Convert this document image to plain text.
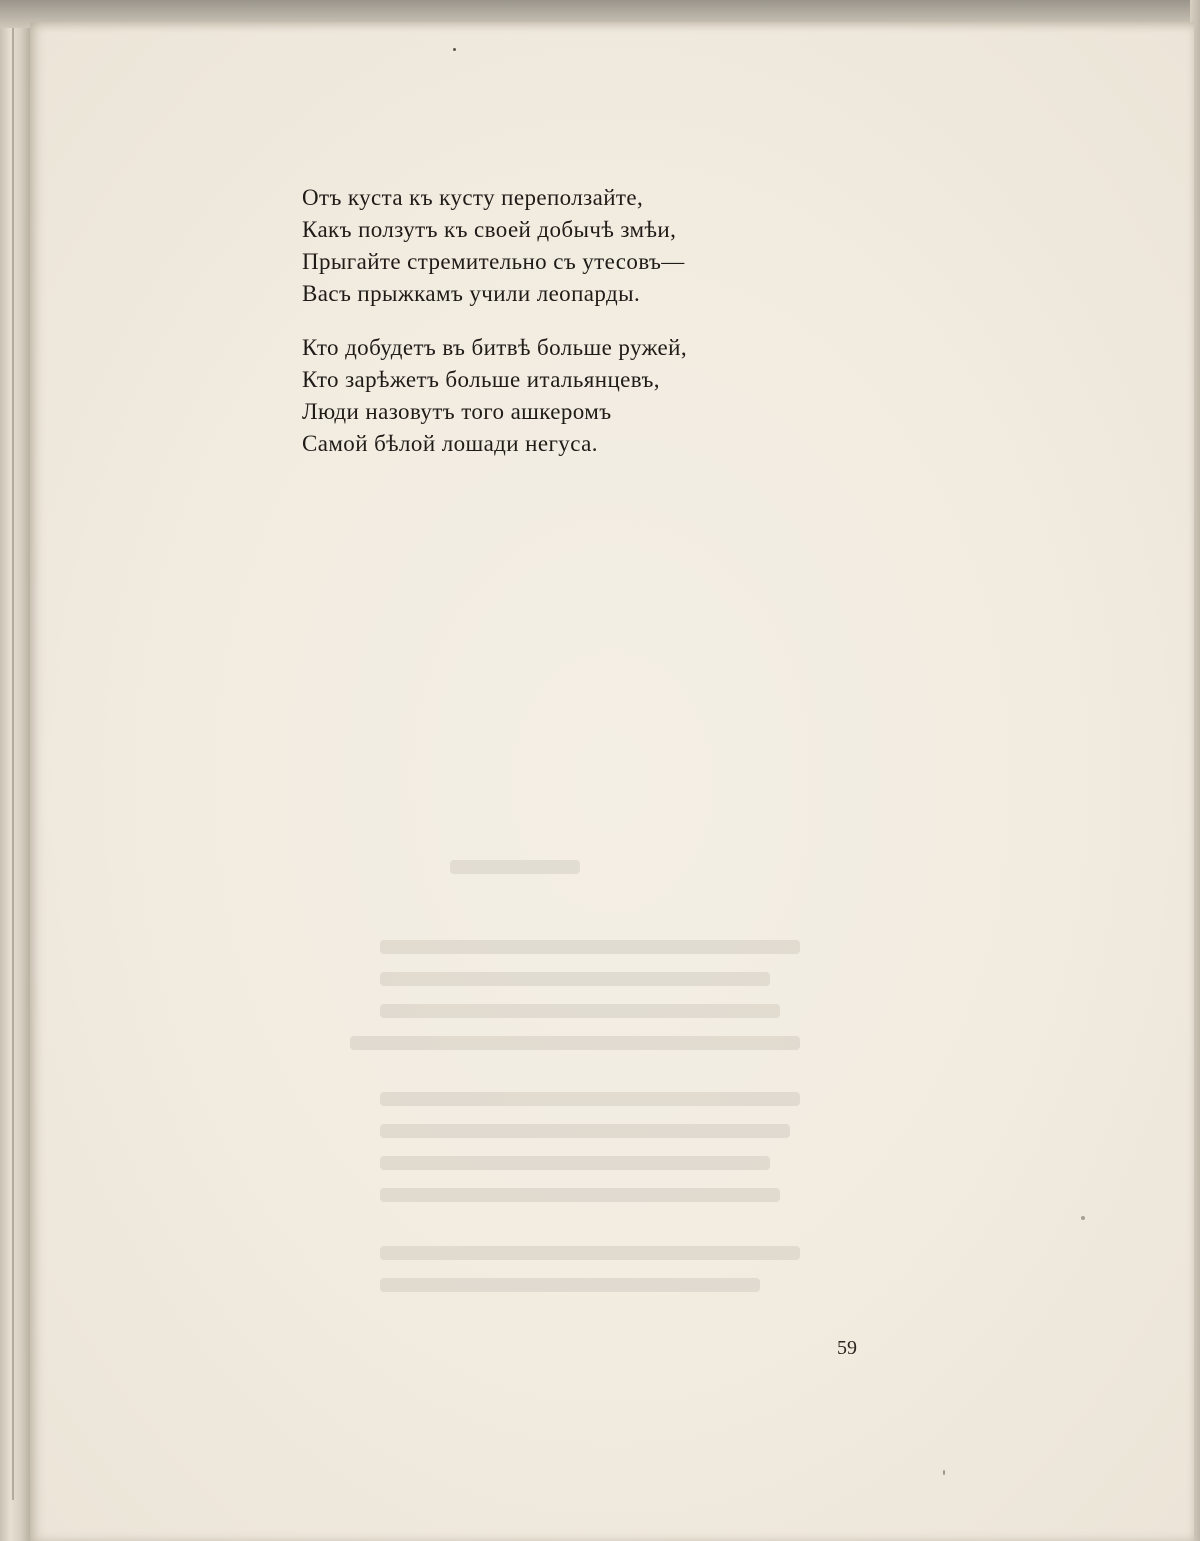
Отъ куста къ кусту переползайте,
Какъ ползутъ къ своей добычѣ змѣи,
Прыгайте стремительно съ утесовъ—
Васъ прыжкамъ учили леопарды.
Кто добудетъ въ битвѣ больше ружей,
Кто зарѣжетъ больше итальянцевъ,
Люди назовутъ того ашкеромъ
Самой бѣлой лошади негуса.
59
